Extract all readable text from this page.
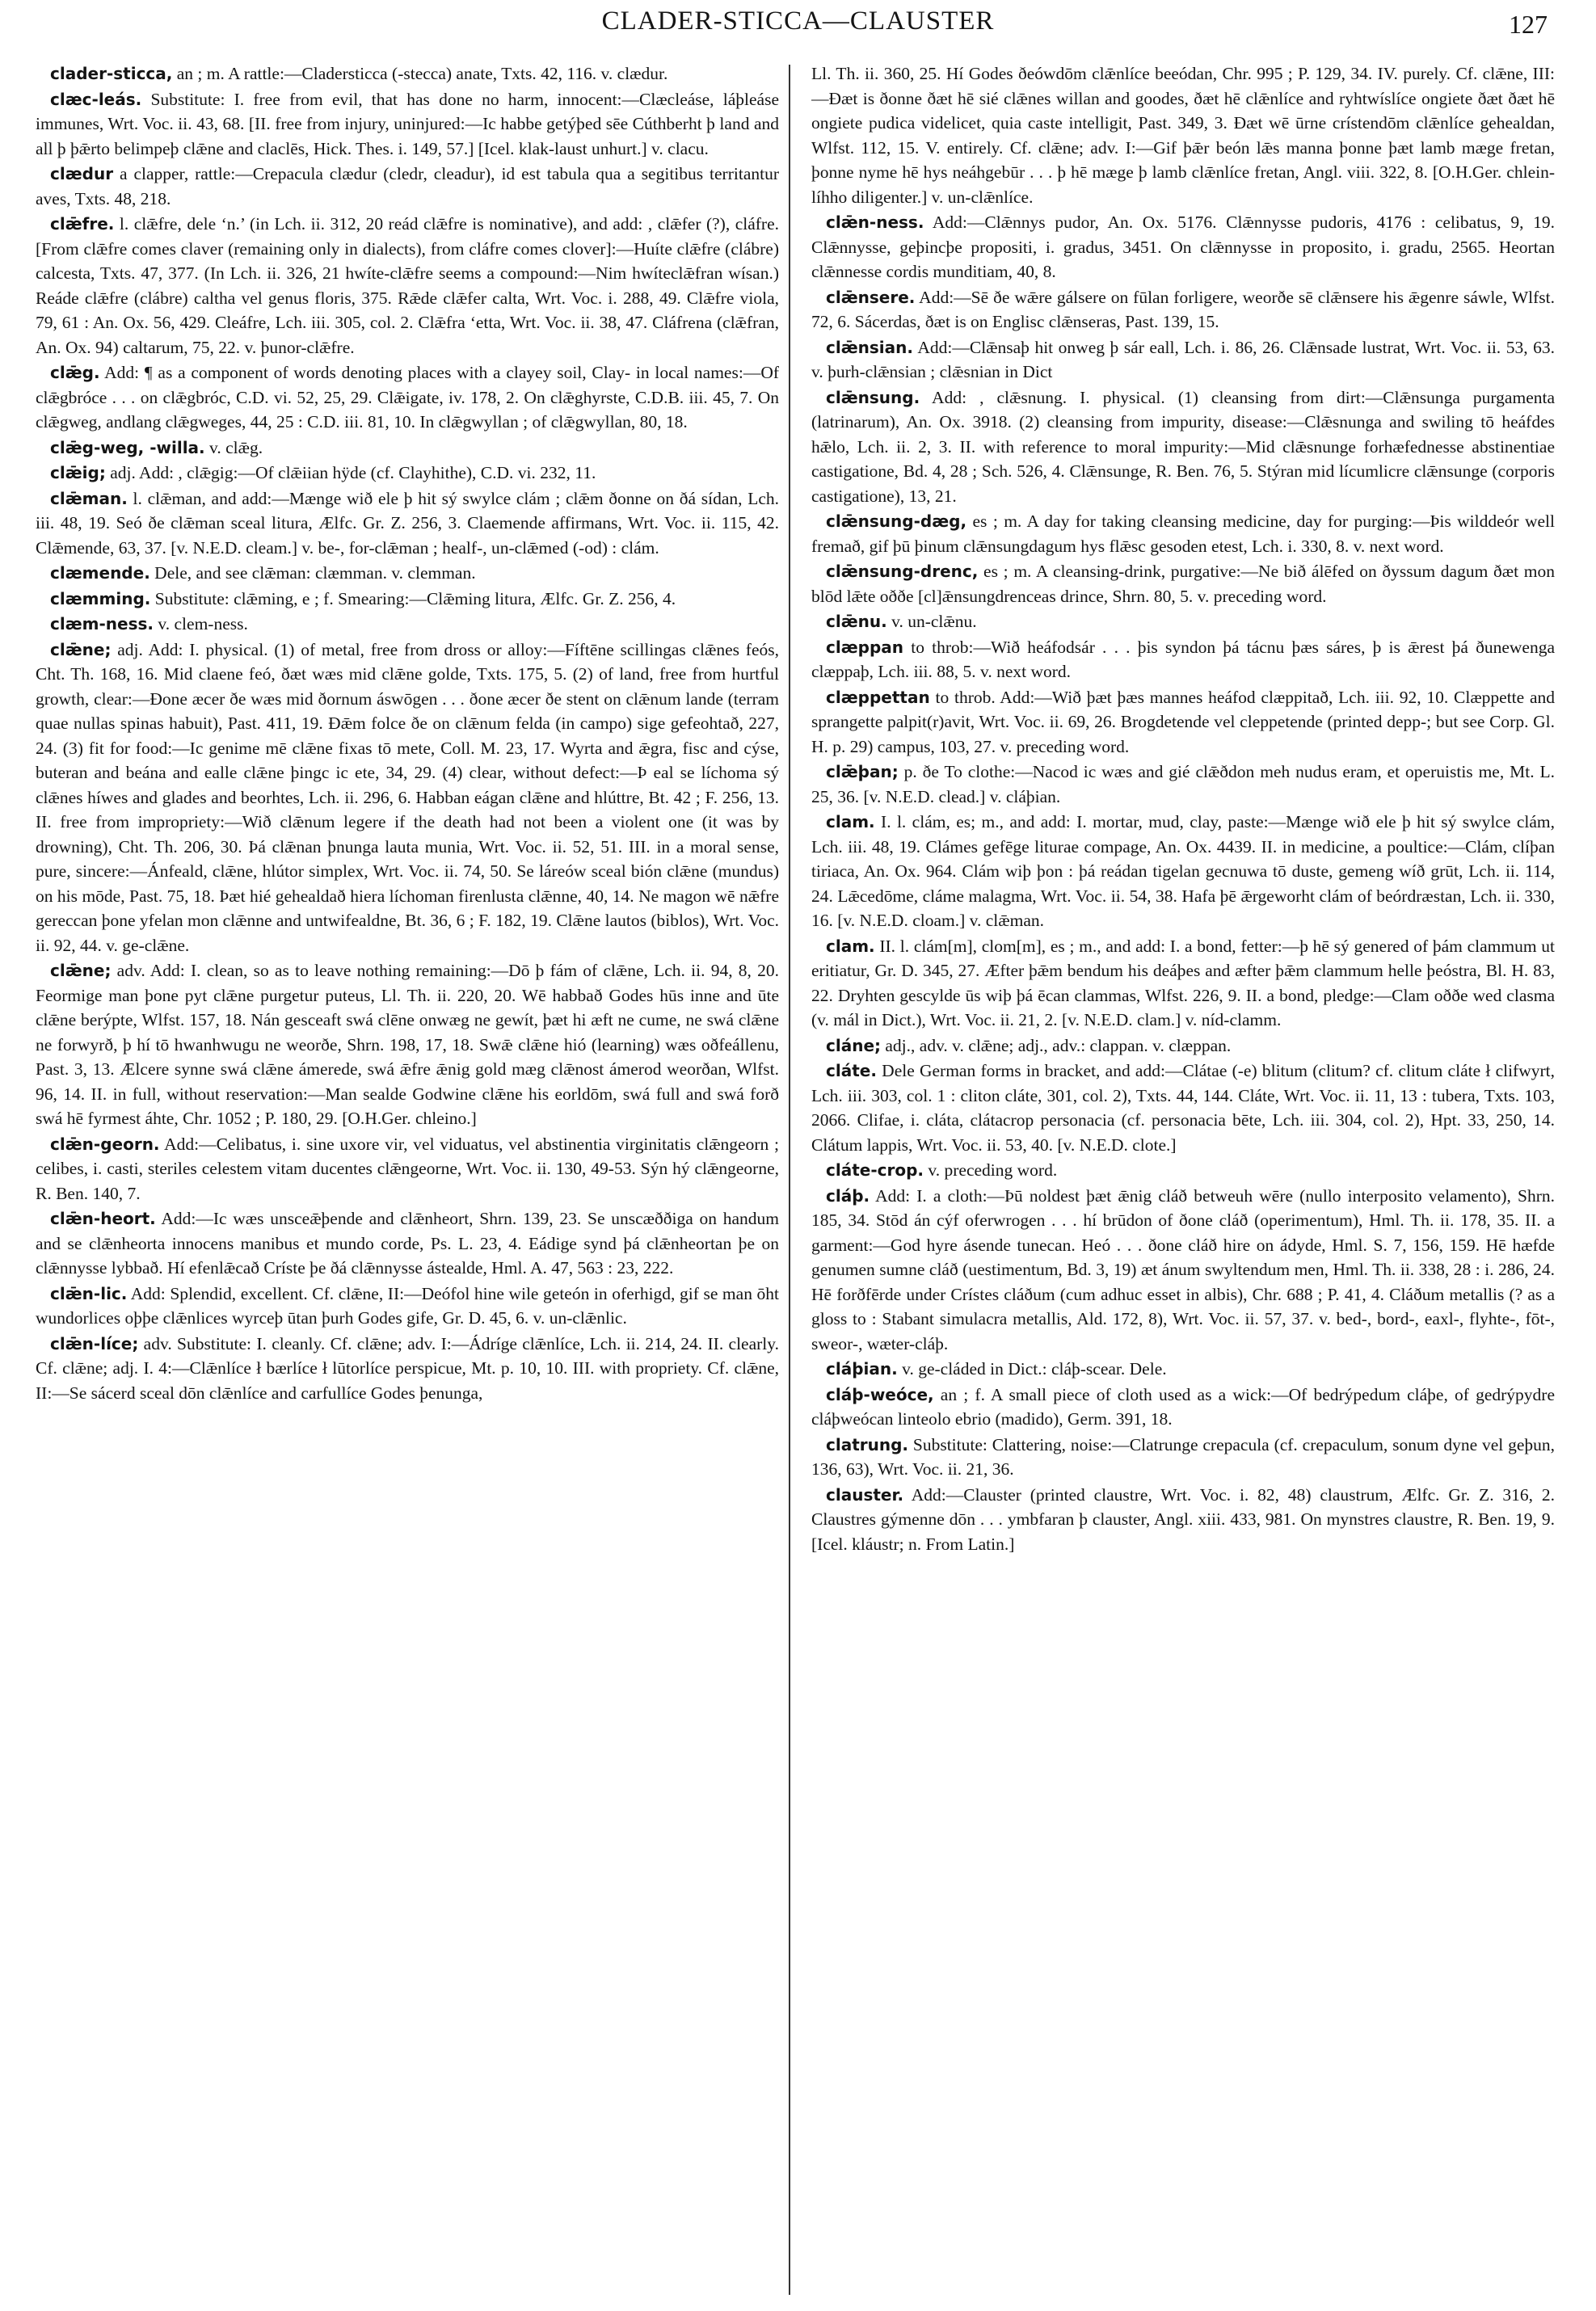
CLADER-STICCA—CLAUSTER	127

clader-sticca, an ; m. A rattle:—Cladersticca (-stecca) anate, Txts. 42, 116. v. clædur.

clæc-leás. Substitute: I. free from evil, that has done no harm, innocent:—Clæcleáse, láþleáse immunes, Wrt. Voc. ii. 43, 68. [II. free from injury, uninjured:—Ic habbe getýþed sēe Cúthberht þ land and all þ þǣrto belimpeþ clǣne and claclēs, Hick. Thes. i. 149, 57.] [Icel. klak-laust unhurt.] v. clacu.

clædur a clapper, rattle:—Crepacula clædur (cledr, cleadur), id est tabula qua a segitibus territantur aves, Txts. 48, 218.

clǣfre. l. clǣfre, dele ‘n.’ (in Lch. ii. 312, 20 reád clǣfre is nominative), and add: , clǣfer (?), cláfre. [From clǣfre comes claver (remaining only in dialects), from cláfre comes clover]:—Huíte clǣfre (clábre) calcesta, Txts. 47, 377. (In Lch. ii. 326, 21 hwíte-clǣfre seems a compound:—Nim hwíteclǣfran wísan.) Reáde clǣfre (clábre) caltha vel genus floris, 375. Rǣde clǣfer calta, Wrt. Voc. i. 288, 49. Clǣfre viola, 79, 61 : An. Ox. 56, 429. Cleáfre, Lch. iii. 305, col. 2. Clǣfra ‘etta, Wrt. Voc. ii. 38, 47. Cláfrena (clǣfran, An. Ox. 94) caltarum, 75, 22. v. þunor-clǣfre.

clǣg. Add: ¶ as a component of words denoting places with a clayey soil, Clay- in local names:—Of clǣgbróce . . . on clǣgbróc, C.D. vi. 52, 25, 29. Clǣigate, iv. 178, 2. On clǣghyrste, C.D.B. iii. 45, 7. On clǣgweg, andlang clǣgweges, 44, 25 : C.D. iii. 81, 10. In clǣgwyllan ; of clǣgwyllan, 80, 18.

clǣg-weg, -willa. v. clǣg.

clǣig; adj. Add: , clǣgig:—Of clǣiian hÿde (cf. Clayhithe), C.D. vi. 232, 11.

clǣman. l. clǣman, and add:—Mænge wið ele þ hit sý swylce clám ; clǣm ðonne on ðá sídan, Lch. iii. 48, 19. Seó ðe clǣman sceal litura, Ælfc. Gr. Z. 256, 3. Claemende affirmans, Wrt. Voc. ii. 115, 42. Clǣmende, 63, 37. [v. N.E.D. cleam.] v. be-, for-clǣman ; healf-, un-clǣmed (-od) : clám.

clæmende. Dele, and see clǣman: clæmman. v. clemman.

clæmming. Substitute: clǣming, e ; f. Smearing:—Clǣming litura, Ælfc. Gr. Z. 256, 4.

clæm-ness. v. clem-ness.

clǣne; adj. Add: I. physical. (1) of metal, free from dross or alloy:—Fíftēne scillingas clǣnes feós, Cht. Th. 168, 16. Mid claene feó, ðæt wæs mid clǣne golde, Txts. 175, 5. (2) of land, free from hurtful growth, clear:—Ðone æcer ðe wæs mid ðornum áswōgen . . . ðone æcer ðe stent on clǣnum lande (terram quae nullas spinas habuit), Past. 411, 19. Ðǣm folce ðe on clǣnum felda (in campo) sige gefeohtað, 227, 24. (3) fit for food:—Ic genime mē clǣne fixas tō mete, Coll. M. 23, 17. Wyrta and ǣgra, fisc and cýse, buteran and beána and ealle clǣne þingc ic ete, 34, 29. (4) clear, without defect:—Þ eal se líchoma sý clǣnes híwes and glades and beorhtes, Lch. ii. 296, 6. Habban eágan clǣne and hlúttre, Bt. 42 ; F. 256, 13. II. free from impropriety:—Wið clǣnum legere if the death had not been a violent one (it was by drowning), Cht. Th. 206, 30. Þá clǣnan þnunga lauta munia, Wrt. Voc. ii. 52, 51. III. in a moral sense, pure, sincere:—Ánfeald, clǣne, hlútor simplex, Wrt. Voc. ii. 74, 50. Se láreów sceal bión clǣne (mundus) on his mōde, Past. 75, 18. Þæt hié gehealdað hiera líchoman firenlusta clǣnne, 40, 14. Ne magon wē nǣfre gereccan þone yfelan mon clǣnne and untwifealdne, Bt. 36, 6 ; F. 182, 19. Clǣne lautos (biblos), Wrt. Voc. ii. 92, 44. v. ge-clǣne.

clǣne; adv. Add: I. clean, so as to leave nothing remaining:—Dō þ fám of clǣne, Lch. ii. 94, 8, 20. Feormige man þone pyt clǣne purgetur puteus, Ll. Th. ii. 220, 20. Wē habbað Godes hūs inne and ūte clǣne berýpte, Wlfst. 157, 18. Nán gesceaft swá clēne onwæg ne gewít, þæt hi æft ne cume, ne swá clǣne ne forwyrð, þ hí tō hwanhwugu ne weorðe, Shrn. 198, 17, 18. Swǣ clǣne hió (learning) wæs oðfeállenu, Past. 3, 13. Ælcere synne swá clǣne ámerede, swá ǣfre ǣnig gold mæg clǣnost ámerod weorðan, Wlfst. 96, 14. II. in full, without reservation:—Man sealde Godwine clǣne his eorldōm, swá full and swá forð swá hē fyrmest áhte, Chr. 1052 ; P. 180, 29. [O.H.Ger. chleino.]

clǣn-georn. Add:—Celibatus, i. sine uxore vir, vel viduatus, vel abstinentia virginitatis clǣngeorn ; celibes, i. casti, steriles celestem vitam ducentes clǣngeorne, Wrt. Voc. ii. 130, 49-53. Sýn hý clǣngeorne, R. Ben. 140, 7.

clǣn-heort. Add:—Ic wæs unsceǣþende and clǣnheort, Shrn. 139, 23. Se unscæððiga on handum and se clǣnheorta innocens manibus et mundo corde, Ps. L. 23, 4. Eádige synd þá clǣnheortan þe on clǣnnysse lybbað. Hí efenlǣcað Críste þe ðá clǣnnysse ástealde, Hml. A. 47, 563 : 23, 222.

clǣn-lic. Add: Splendid, excellent. Cf. clǣne, II:—Deófol hine wile geteón in oferhigd, gif se man ōht wundorlices oþþe clǣnlices wyrceþ ūtan þurh Godes gife, Gr. D. 45, 6. v. un-clǣnlic.

clǣn-líce; adv. Substitute: I. cleanly. Cf. clǣne; adv. I:—Ádríge clǣnlíce, Lch. ii. 214, 24. II. clearly. Cf. clǣne; adj. I. 4:—Clǣnlíce ł bærlíce ł lūtorlíce perspicue, Mt. p. 10, 10. III. with propriety. Cf. clǣne, II:—Se sácerd sceal dōn clǣnlíce and carfullíce Godes þenunga,

Ll. Th. ii. 360, 25. Hí Godes ðeówdōm clǣnlíce beeódan, Chr. 995 ; P. 129, 34. IV. purely. Cf. clǣne, III:—Ðæt is ðonne ðæt hē sié clǣnes willan and goodes, ðæt hē clǣnlíce and ryhtwíslíce ongiete ðæt ðæt hē ongiete pudica videlicet, quia caste intelligit, Past. 349, 3. Ðæt wē ūrne crístendōm clǣnlíce gehealdan, Wlfst. 112, 15. V. entirely. Cf. clǣne; adv. I:—Gif þǣr beón lǣs manna þonne þæt lamb mæge fretan, þonne nyme hē hys neáhgebūr . . . þ hē mæge þ lamb clǣnlíce fretan, Angl. viii. 322, 8. [O.H.Ger. chlein-líhho diligenter.] v. un-clǣnlíce.

clǣn-ness. Add:—Clǣnnys pudor, An. Ox. 5176. Clǣnnysse pudoris, 4176 : celibatus, 9, 19. Clǣnnysse, geþincþe propositi, i. gradus, 3451. On clǣnnysse in proposito, i. gradu, 2565. Heortan clǣnnesse cordis munditiam, 40, 8.

clǣnsere. Add:—Sē ðe wǣre gálsere on fūlan forligere, weorðe sē clǣnsere his ǣgenre sáwle, Wlfst. 72, 6. Sácerdas, ðæt is on Englisc clǣnseras, Past. 139, 15.

clǣnsian. Add:—Clǣnsaþ hit onweg þ sár eall, Lch. i. 86, 26. Clǣnsade lustrat, Wrt. Voc. ii. 53, 63. v. þurh-clǣnsian ; clǣsnian in Dict

clǣnsung. Add: , clǣsnung. I. physical. (1) cleansing from dirt:—Clǣnsunga purgamenta (latrinarum), An. Ox. 3918. (2) cleansing from impurity, disease:—Clǣsnunga and swiling tō heáfdes hǣlo, Lch. ii. 2, 3. II. with reference to moral impurity:—Mid clǣsnunge forhæfednesse abstinentiae castigatione, Bd. 4, 28 ; Sch. 526, 4. Clǣnsunge, R. Ben. 76, 5. Stýran mid lícumlicre clǣnsunge (corporis castigatione), 13, 21.

clǣnsung-dæg, es ; m. A day for taking cleansing medicine, day for purging:—Þis wilddeór well fremað, gif þū þinum clǣnsungdagum hys flǣsc gesoden etest, Lch. i. 330, 8. v. next word.

clǣnsung-drenc, es ; m. A cleansing-drink, purgative:—Ne bið álēfed on ðyssum dagum ðæt mon blōd lǣte oððe [cl]ǣnsungdrenceas drince, Shrn. 80, 5. v. preceding word.

clǣnu. v. un-clǣnu.

clæppan to throb:—Wið heáfodsár . . . þis syndon þá tácnu þæs sáres, þ is ǣrest þá ðunewenga clæppaþ, Lch. iii. 88, 5. v. next word.

clæppettan to throb. Add:—Wið þæt þæs mannes heáfod clæppitað, Lch. iii. 92, 10. Clæppette and sprangette palpit(r)avit, Wrt. Voc. ii. 69, 26. Brogdetende vel cleppetende (printed depp-; but see Corp. Gl. H. p. 29) campus, 103, 27. v. preceding word.

clǣþan; p. ðe To clothe:—Nacod ic wæs and gié clǣðdon meh nudus eram, et operuistis me, Mt. L. 25, 36. [v. N.E.D. clead.] v. cláþian.

clam. I. l. clám, es; m., and add: I. mortar, mud, clay, paste:—Mænge wið ele þ hit sý swylce clám, Lch. iii. 48, 19. Clámes gefēge liturae compage, An. Ox. 4439. II. in medicine, a poultice:—Clám, clíþan tiriaca, An. Ox. 964. Clám wiþ þon : þá reádan tigelan gecnuwa tō duste, gemeng wíð grūt, Lch. ii. 114, 24. Lǣcedōme, cláme malagma, Wrt. Voc. ii. 54, 38. Hafa þē ǣrgeworht clám of beórdræstan, Lch. ii. 330, 16. [v. N.E.D. cloam.] v. clǣman.

clam. II. l. clám[m], clom[m], es ; m., and add: I. a bond, fetter:—þ hē sý genered of þám clammum ut eritiatur, Gr. D. 345, 27. Æfter þǣm bendum his deáþes and æfter þǣm clammum helle þeóstra, Bl. H. 83, 22. Dryhten gescylde ūs wiþ þá ēcan clammas, Wlfst. 226, 9. II. a bond, pledge:—Clam oððe wed clasma (v. mál in Dict.), Wrt. Voc. ii. 21, 2. [v. N.E.D. clam.] v. níd-clamm.

cláne; adj., adv. v. clǣne; adj., adv.: clappan. v. clæppan.

cláte. Dele German forms in bracket, and add:—Clátae (-e) blitum (clitum? cf. clitum cláte ł clifwyrt, Lch. iii. 303, col. 1 : cliton cláte, 301, col. 2), Txts. 44, 144. Cláte, Wrt. Voc. ii. 11, 13 : tubera, Txts. 103, 2066. Clifae, i. cláta, clátacrop personacia (cf. personacia bēte, Lch. iii. 304, col. 2), Hpt. 33, 250, 14. Clátum lappis, Wrt. Voc. ii. 53, 40. [v. N.E.D. clote.]

cláte-crop. v. preceding word.

cláþ. Add: I. a cloth:—Þū noldest þæt ǣnig cláð betweuh wēre (nullo interposito velamento), Shrn. 185, 34. Stōd án cýf oferwrogen . . . hí brūdon of ðone cláð (operimentum), Hml. Th. ii. 178, 35. II. a garment:—God hyre ásende tunecan. Heó . . . ðone cláð hire on ádyde, Hml. S. 7, 156, 159. Hē hæfde genumen sumne cláð (uestimentum, Bd. 3, 19) æt ánum swyltendum men, Hml. Th. ii. 338, 28 : i. 286, 24. Hē forðfērde under Crístes cláðum (cum adhuc esset in albis), Chr. 688 ; P. 41, 4. Cláðum metallis (? as a gloss to : Stabant simulacra metallis, Ald. 172, 8), Wrt. Voc. ii. 57, 37. v. bed-, bord-, eaxl-, flyhte-, fōt-, sweor-, wæter-cláþ.

cláþian. v. ge-cláded in Dict.: cláþ-scear. Dele.

cláþ-weóce, an ; f. A small piece of cloth used as a wick:—Of bedrýpedum cláþe, of gedrýpydre cláþweócan linteolo ebrio (madido), Germ. 391, 18.

clatrung. Substitute: Clattering, noise:—Clatrunge crepacula (cf. crepaculum, sonum dyne vel geþun, 136, 63), Wrt. Voc. ii. 21, 36.

clauster. Add:—Clauster (printed claustre, Wrt. Voc. i. 82, 48) claustrum, Ælfc. Gr. Z. 316, 2. Claustres gýmenne dōn . . . ymbfaran þ clauster, Angl. xiii. 433, 981. On mynstres claustre, R. Ben. 19, 9. [Icel. kláustr; n. From Latin.]
